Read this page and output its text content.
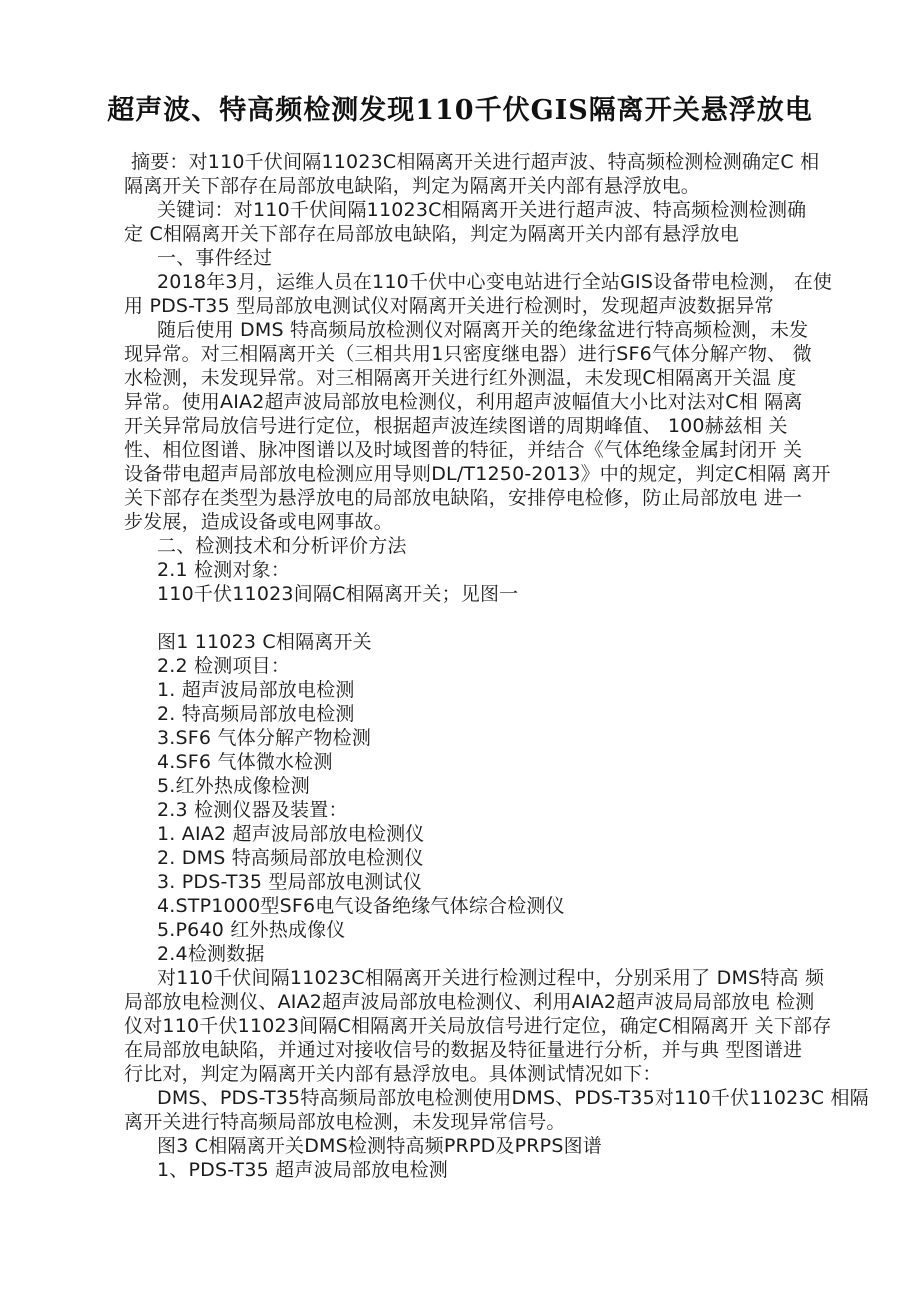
超声波、特高频检测发现110千伏GIS隔离开关悬浮放电
摘要：对110千伏间隔11023C相隔离开关进行超声波、特高频检测检测确定C 相
隔离开关下部存在局部放电缺陷，判定为隔离开关内部有悬浮放电。
关键词：对110千伏间隔11023C相隔离开关进行超声波、特高频检测检测确
定 C相隔离开关下部存在局部放电缺陷，判定为隔离开关内部有悬浮放电
一、事件经过
2018年3月，运维人员在110千伏中心变电站进行全站GIS设备带电检测， 在使
用 PDS-T35 型局部放电测试仪对隔离开关进行检测时，发现超声波数据异常
随后使用 DMS 特高频局放检测仪对隔离开关的绝缘盆进行特高频检测，未发
现异常。对三相隔离开关（三相共用1只密度继电器）进行SF6气体分解产物、 微
水检测，未发现异常。对三相隔离开关进行红外测温，未发现C相隔离开关温 度
异常。使用AIA2超声波局部放电检测仪，利用超声波幅值大小比对法对C相 隔离
开关异常局放信号进行定位，根据超声波连续图谱的周期峰值、 100赫兹相 关
性、相位图谱、脉冲图谱以及时域图普的特征，并结合《气体绝缘金属封闭开 关
设备带电超声局部放电检测应用导则DL/T1250-2013》中的规定，判定C相隔 离开
关下部存在类型为悬浮放电的局部放电缺陷，安排停电检修，防止局部放电 进一
步发展，造成设备或电网事故。
二、检测技术和分析评价方法
2.1 检测对象：
110千伏11023间隔C相隔离开关；见图一
图1 11023 C相隔离开关
2.2 检测项目：
1. 超声波局部放电检测
2. 特高频局部放电检测
3.SF6 气体分解产物检测
4.SF6 气体微水检测
5.红外热成像检测
2.3 检测仪器及装置：
1. AIA2 超声波局部放电检测仪
2. DMS 特高频局部放电检测仪
3. PDS-T35 型局部放电测试仪
4.STP1000型SF6电气设备绝缘气体综合检测仪
5.P640 红外热成像仪
2.4检测数据
对110千伏间隔11023C相隔离开关进行检测过程中，分别采用了 DMS特高 频
局部放电检测仪、AIA2超声波局部放电检测仪、利用AIA2超声波局局部放电 检测
仪对110千伏11023间隔C相隔离开关局放信号进行定位，确定C相隔离开 关下部存
在局部放电缺陷，并通过对接收信号的数据及特征量进行分析，并与典 型图谱进
行比对，判定为隔离开关内部有悬浮放电。具体测试情况如下：
DMS、PDS-T35特高频局部放电检测使用DMS、PDS-T35对110千伏11023C 相隔
离开关进行特高频局部放电检测，未发现异常信号。
图3 C相隔离开关DMS检测特高频PRPD及PRPS图谱
1、PDS-T35 超声波局部放电检测
